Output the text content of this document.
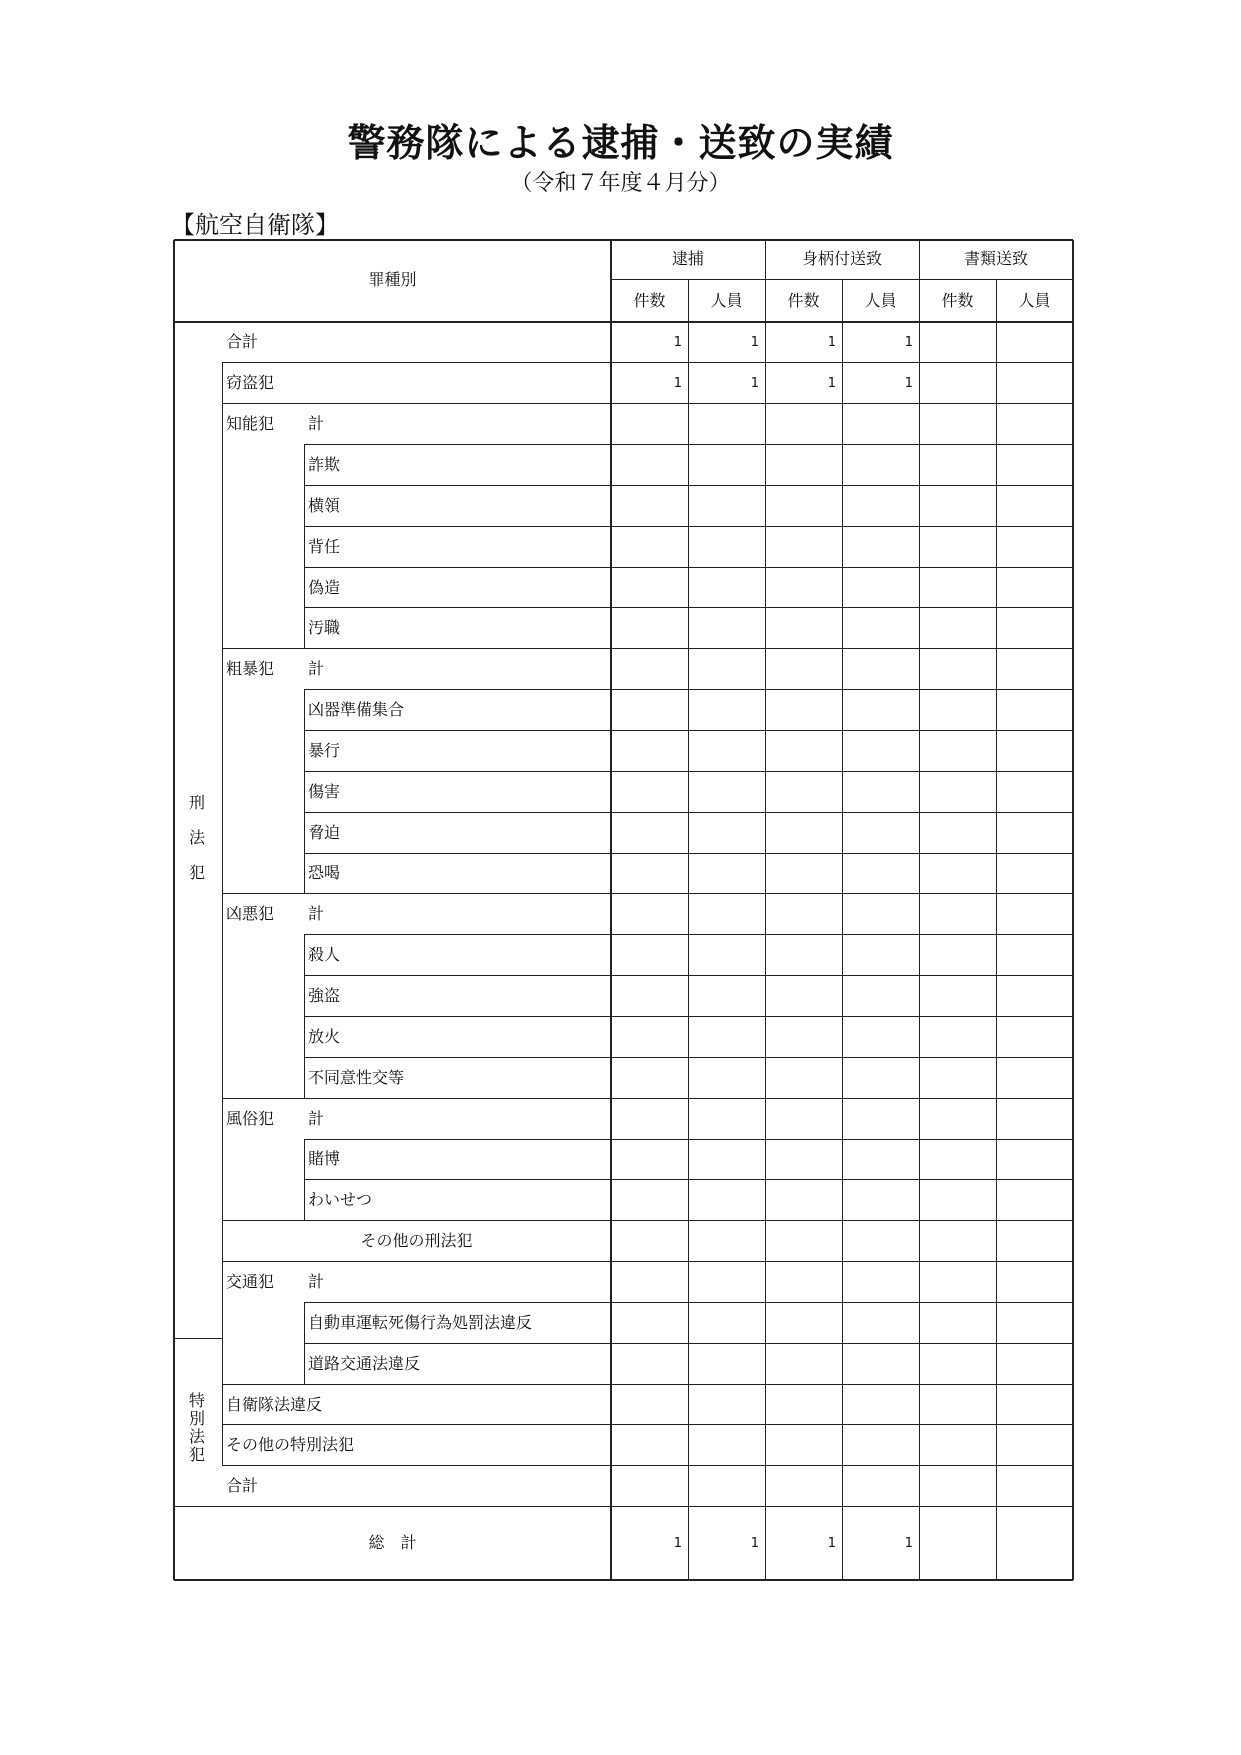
警務隊による逮捕・送致の実績
（令和７年度４月分）
【航空自衛隊】
罪種別
逮捕	身柄付送致	書類送致
件数	人員	件数	人員	件数	人員
刑
法
犯
特
別
法
犯
合計	1	1	1	1
窃盗犯	1	1	1	1
知能犯 計
詐欺
横領
背任
偽造
汚職
粗暴犯 計
凶器準備集合
暴行
傷害
脅迫
恐喝
凶悪犯 計
殺人
強盗
放火
不同意性交等
風俗犯 計
賭博
わいせつ
その他の刑法犯
交通犯 計
自動車運転死傷行為処罰法違反
道路交通法違反
自衛隊法違反
その他の特別法犯
合計
総　計	1	1	1	1
